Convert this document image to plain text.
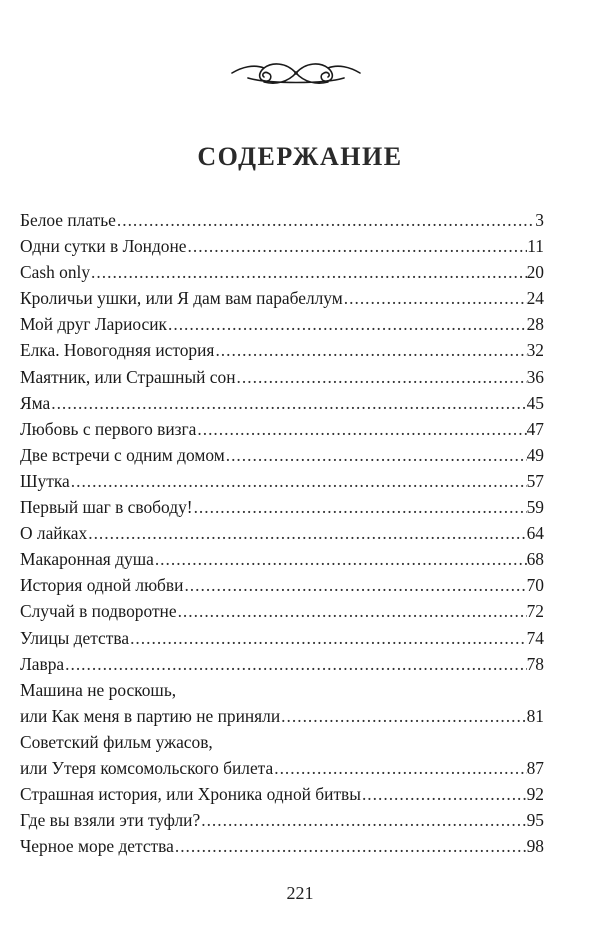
СОДЕРЖАНИЕ
Белое платье .....	3
Одни сутки в Лондоне .....	11
Cash only .....	20
Кроличьи ушки, или Я дам вам парабеллум .....	24
Мой друг Лариосик .....	28
Елка. Новогодняя история .....	32
Маятник, или Страшный сон .....	36
Яма .....	45
Любовь с первого визга .....	47
Две встречи с одним домом .....	49
Шутка .....	57
Первый шаг в свободу! .....	59
О лайках .....	64
Макаронная душа .....	68
История одной любви .....	70
Случай в подворотне .....	72
Улицы детства .....	74
Лавра .....	78
Машина не роскошь,
или Как меня в партию не приняли .....	81
Советский фильм ужасов,
или Утеря комсомольского билета .....	87
Страшная история, или Хроника одной битвы .....	92
Где вы взяли эти туфли? .....	95
Черное море детства .....	98
221
